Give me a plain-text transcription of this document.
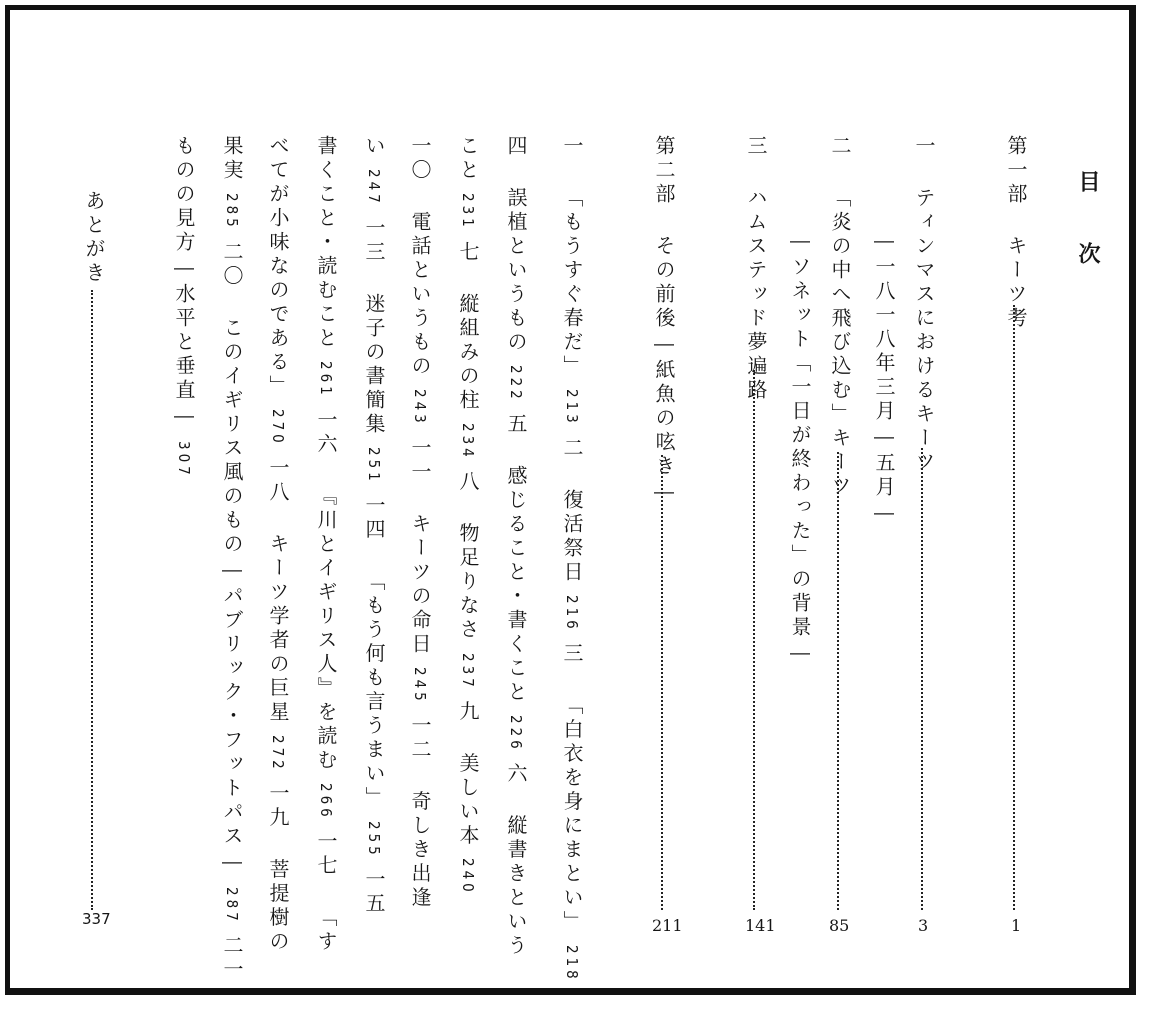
目 次
第一部 キーツ考
1
一 ティンマスにおけるキーツ
3
―一八一八年三月―五月―
二 「炎の中へ飛び込む」キーツ
85
―ソネット「一日が終わった」の背景―
三 ハムステッド夢遍路
141
第二部 その前後―紙魚の呟き―
211
一 「もうすぐ春だ」213二 復活祭日216三 「白衣を身にまとい」218
四 誤植というもの222五 感じること・書くこと226六 縦書きという
こと231七 縦組みの柱234八 物足りなさ237九 美しい本240
一〇 電話というもの243一一 キーツの命日245一二 奇しき出逢
い247一三 迷子の書簡集251一四 「もう何も言うまい」255一五
書くこと・読むこと261一六 『川とイギリス人』を読む266一七 「す
べてが小味なのである」270一八 キーツ学者の巨星272一九 菩提樹の
果実285二〇 このイギリス風のもの―パブリック・フットパス―287二一
ものの見方―水平と垂直―307
あとがき
337
